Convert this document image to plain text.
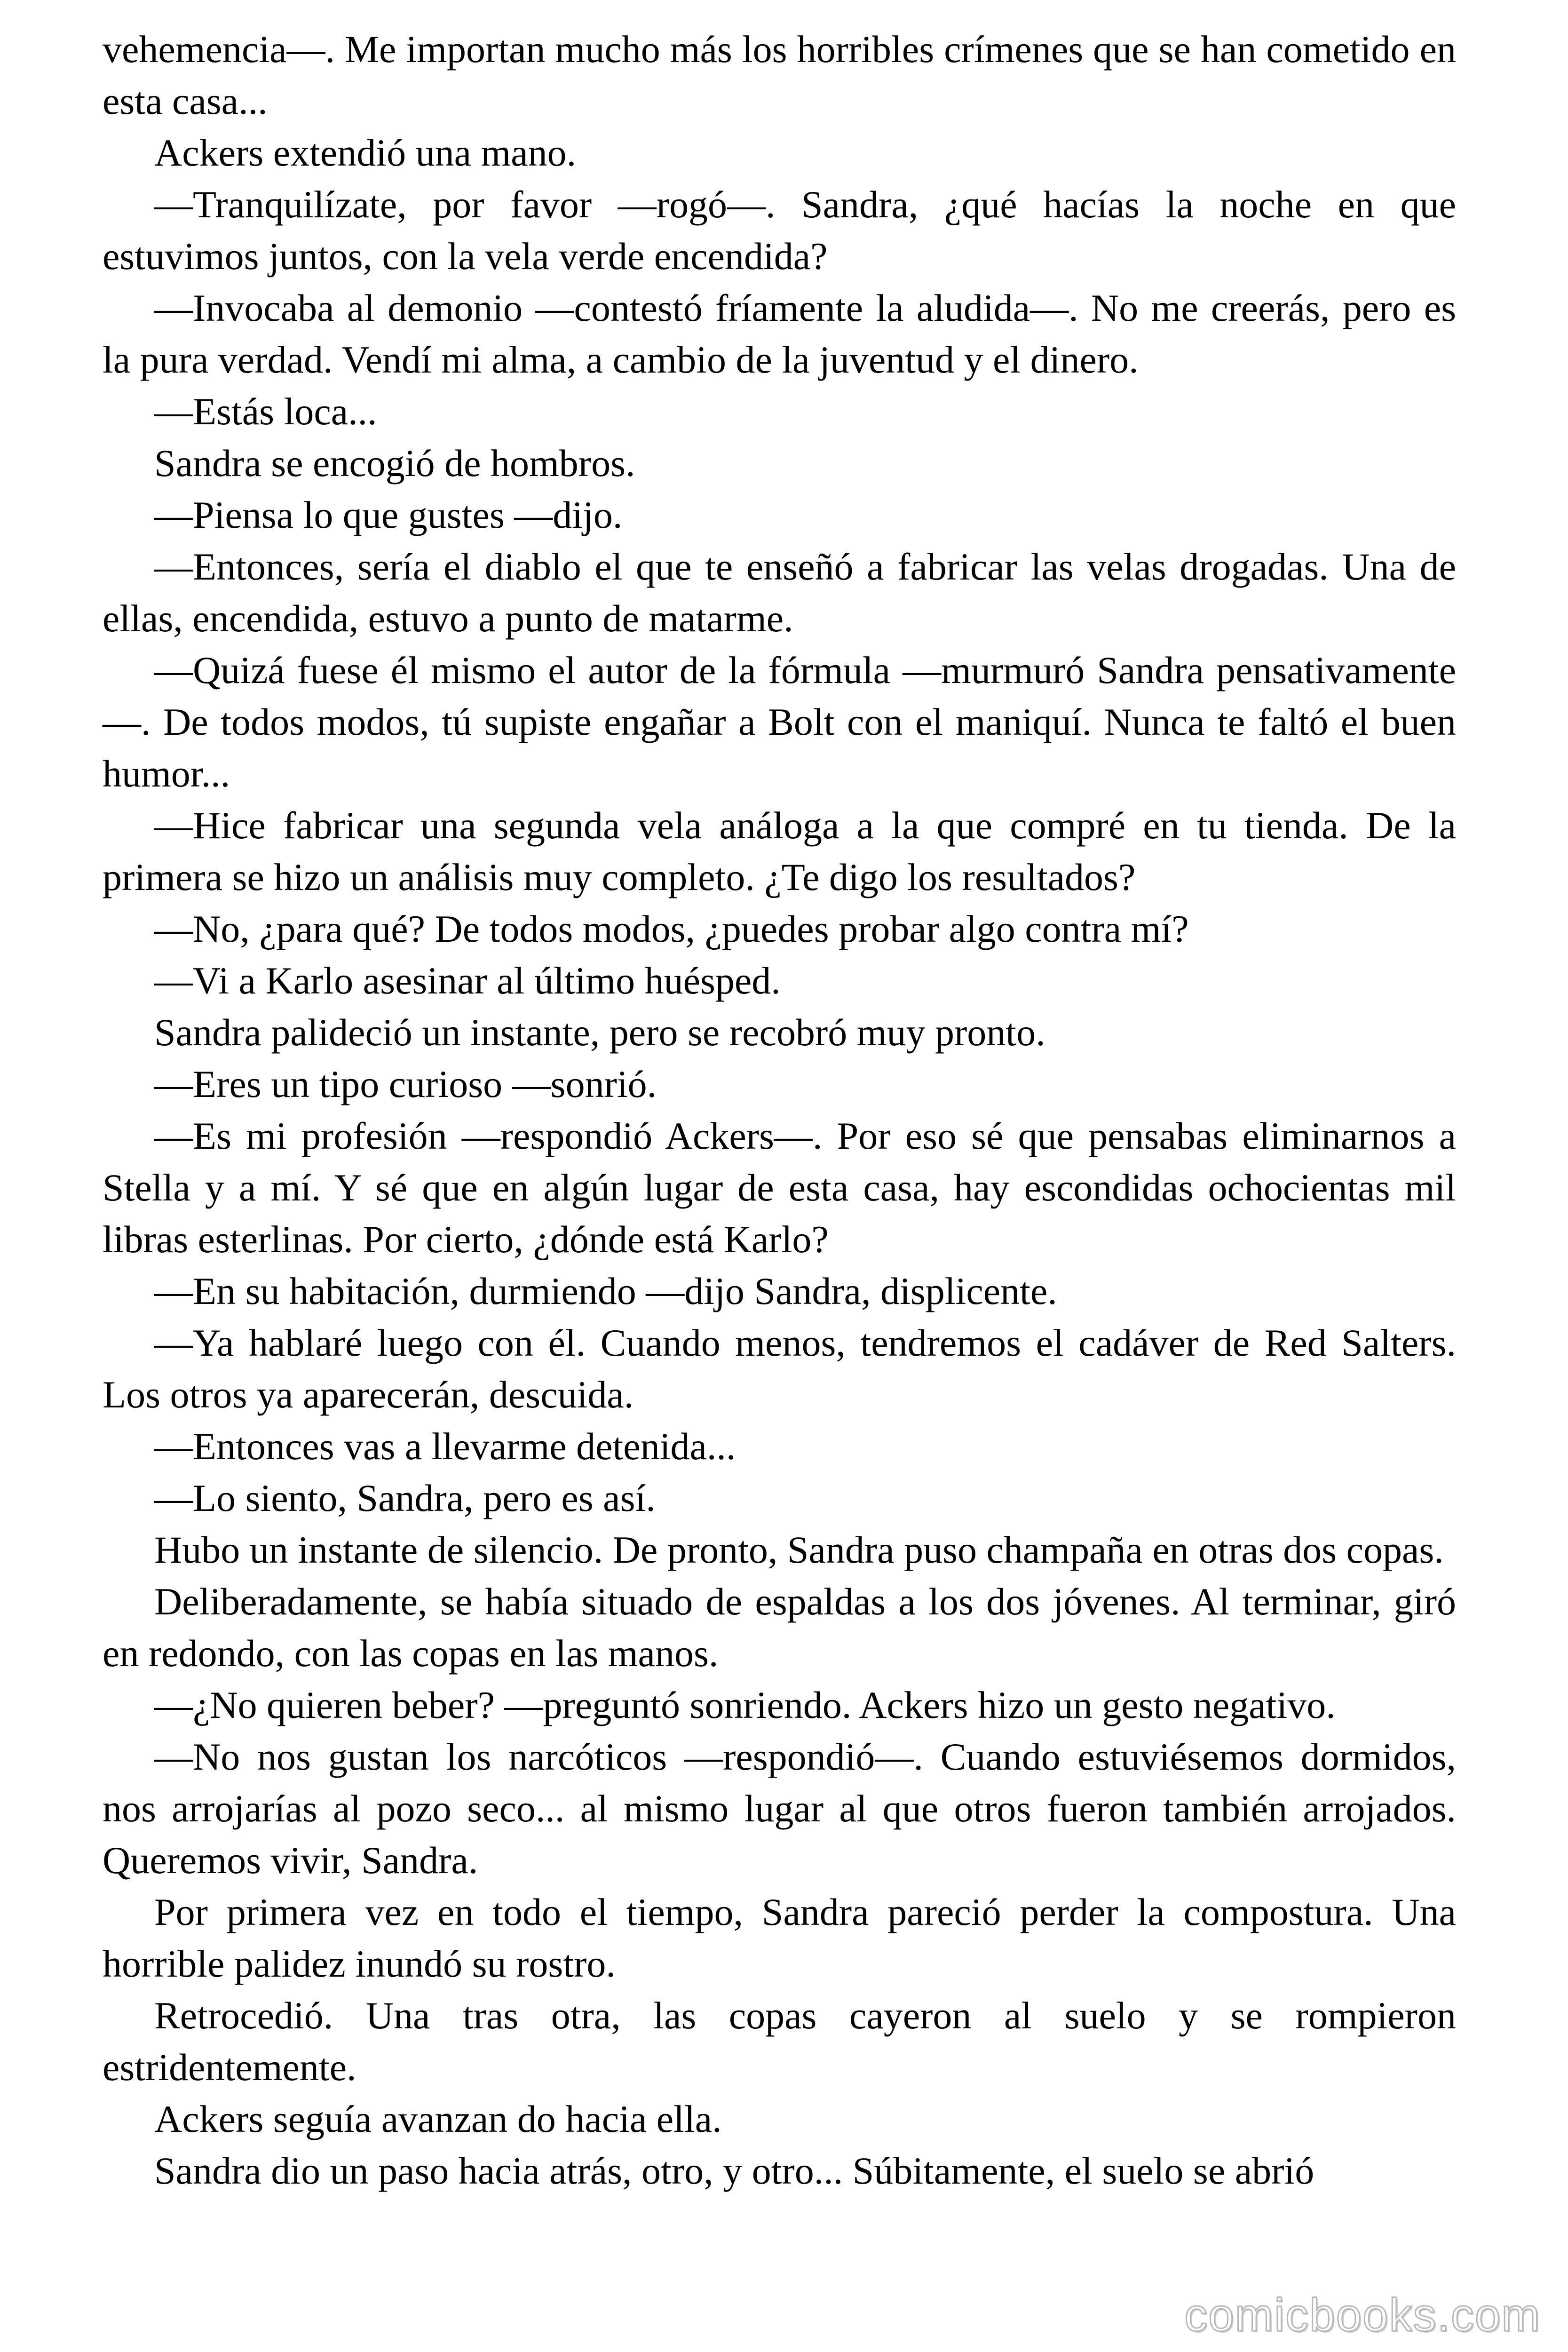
vehemencia—. Me importan mucho más los horribles crímenes que se han cometido en esta casa...

Ackers extendió una mano.

—Tranquilízate, por favor —rogó—. Sandra, ¿qué hacías la noche en que estuvimos juntos, con la vela verde encendida?

—Invocaba al demonio —contestó fríamente la aludida—. No me creerás, pero es la pura verdad. Vendí mi alma, a cambio de la juventud y el dinero.

—Estás loca...

Sandra se encogió de hombros.

—Piensa lo que gustes —dijo.

—Entonces, sería el diablo el que te enseñó a fabricar las velas drogadas. Una de ellas, encendida, estuvo a punto de matarme.

—Quizá fuese él mismo el autor de la fórmula —murmuró Sandra pensativamente—. De todos modos, tú supiste engañar a Bolt con el maniquí. Nunca te faltó el buen humor...

—Hice fabricar una segunda vela análoga a la que compré en tu tienda. De la primera se hizo un análisis muy completo. ¿Te digo los resultados?

—No, ¿para qué? De todos modos, ¿puedes probar algo contra mí?

—Vi a Karlo asesinar al último huésped.

Sandra palideció un instante, pero se recobró muy pronto.

—Eres un tipo curioso —sonrió.

—Es mi profesión —respondió Ackers—. Por eso sé que pensabas eliminarnos a Stella y a mí. Y sé que en algún lugar de esta casa, hay escondidas ochocientas mil libras esterlinas. Por cierto, ¿dónde está Karlo?

—En su habitación, durmiendo —dijo Sandra, displicente.

—Ya hablaré luego con él. Cuando menos, tendremos el cadáver de Red Salters. Los otros ya aparecerán, descuida.

—Entonces vas a llevarme detenida...

—Lo siento, Sandra, pero es así.

Hubo un instante de silencio. De pronto, Sandra puso champaña en otras dos copas.

Deliberadamente, se había situado de espaldas a los dos jóvenes. Al terminar, giró en redondo, con las copas en las manos.

—¿No quieren beber? —preguntó sonriendo. Ackers hizo un gesto negativo.

—No nos gustan los narcóticos —respondió—. Cuando estuviésemos dormidos, nos arrojarías al pozo seco... al mismo lugar al que otros fueron también arrojados. Queremos vivir, Sandra.

Por primera vez en todo el tiempo, Sandra pareció perder la compostura. Una horrible palidez inundó su rostro.

Retrocedió. Una tras otra, las copas cayeron al suelo y se rompieron estridentemente.

Ackers seguía avanzan do hacia ella.

Sandra dio un paso hacia atrás, otro, y otro... Súbitamente, el suelo se abrió

comicbooks.com
